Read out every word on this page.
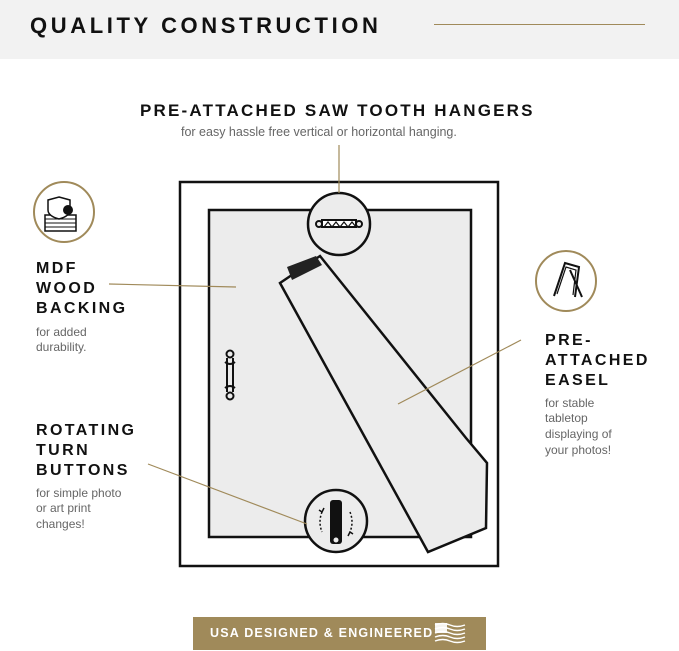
QUALITY CONSTRUCTION
PRE-ATTACHED SAW TOOTH HANGERS
for easy hassle free vertical or horizontal hanging.
MDF
WOOD
BACKING
for added
durability.	PRE-
ATTACHED
EASEL
for stable
tabletop
displaying of
your photos!
ROTATING
TURN
BUTTONS
for simple photo
or art print
changes!
USA DESIGNED & ENGINEERED
